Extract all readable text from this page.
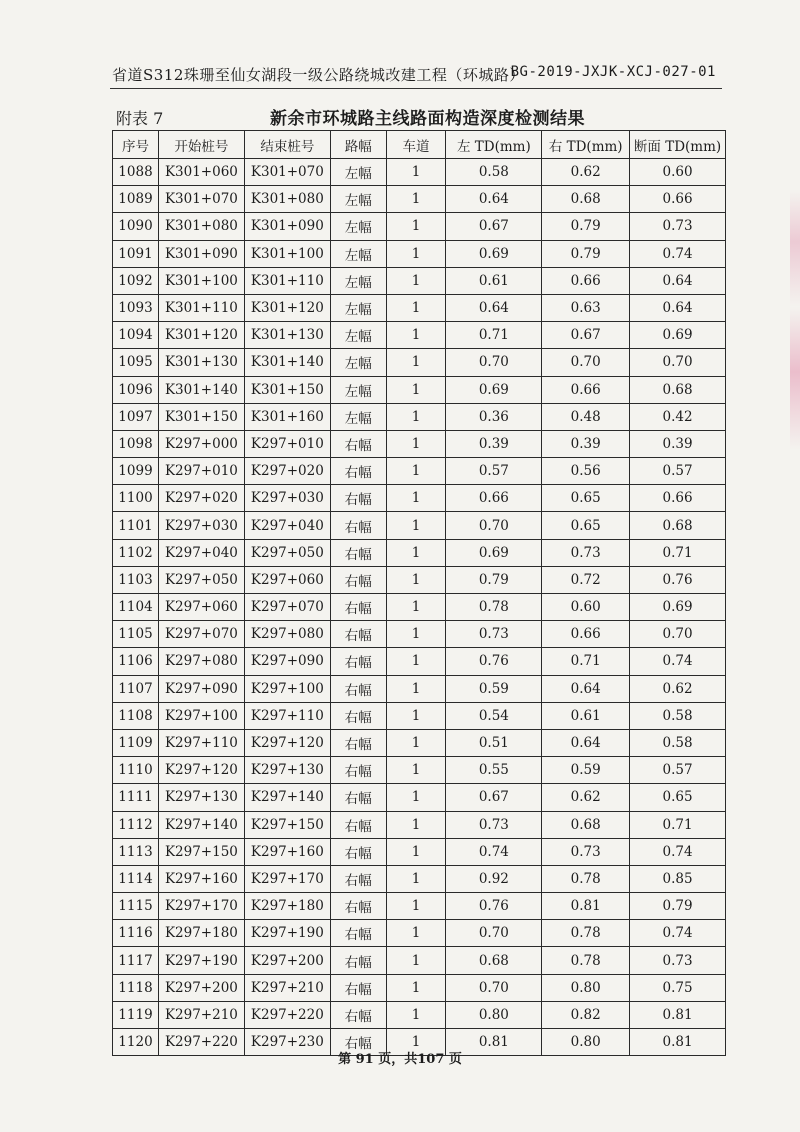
省道S312珠珊至仙女湖段一级公路绕城改建工程（环城路）
BG-2019-JXJK-XCJ-027-01
附表 7	新余市环城路主线路面构造深度检测结果
序号	开始桩号	结束桩号	路幅	车道	左 TD(mm)	右 TD(mm)	断面 TD(mm)
1088	K301+060	K301+070	左幅	1	0.58	0.62	0.60
1089	K301+070	K301+080	左幅	1	0.64	0.68	0.66
1090	K301+080	K301+090	左幅	1	0.67	0.79	0.73
1091	K301+090	K301+100	左幅	1	0.69	0.79	0.74
1092	K301+100	K301+110	左幅	1	0.61	0.66	0.64
1093	K301+110	K301+120	左幅	1	0.64	0.63	0.64
1094	K301+120	K301+130	左幅	1	0.71	0.67	0.69
1095	K301+130	K301+140	左幅	1	0.70	0.70	0.70
1096	K301+140	K301+150	左幅	1	0.69	0.66	0.68
1097	K301+150	K301+160	左幅	1	0.36	0.48	0.42
1098	K297+000	K297+010	右幅	1	0.39	0.39	0.39
1099	K297+010	K297+020	右幅	1	0.57	0.56	0.57
1100	K297+020	K297+030	右幅	1	0.66	0.65	0.66
1101	K297+030	K297+040	右幅	1	0.70	0.65	0.68
1102	K297+040	K297+050	右幅	1	0.69	0.73	0.71
1103	K297+050	K297+060	右幅	1	0.79	0.72	0.76
1104	K297+060	K297+070	右幅	1	0.78	0.60	0.69
1105	K297+070	K297+080	右幅	1	0.73	0.66	0.70
1106	K297+080	K297+090	右幅	1	0.76	0.71	0.74
1107	K297+090	K297+100	右幅	1	0.59	0.64	0.62
1108	K297+100	K297+110	右幅	1	0.54	0.61	0.58
1109	K297+110	K297+120	右幅	1	0.51	0.64	0.58
1110	K297+120	K297+130	右幅	1	0.55	0.59	0.57
1111	K297+130	K297+140	右幅	1	0.67	0.62	0.65
1112	K297+140	K297+150	右幅	1	0.73	0.68	0.71
1113	K297+150	K297+160	右幅	1	0.74	0.73	0.74
1114	K297+160	K297+170	右幅	1	0.92	0.78	0.85
1115	K297+170	K297+180	右幅	1	0.76	0.81	0.79
1116	K297+180	K297+190	右幅	1	0.70	0.78	0.74
1117	K297+190	K297+200	右幅	1	0.68	0.78	0.73
1118	K297+200	K297+210	右幅	1	0.70	0.80	0.75
1119	K297+210	K297+220	右幅	1	0.80	0.82	0.81
1120	K297+220	K297+230	右幅	1	0.81	0.80	0.81
第 91 页，共107 页
